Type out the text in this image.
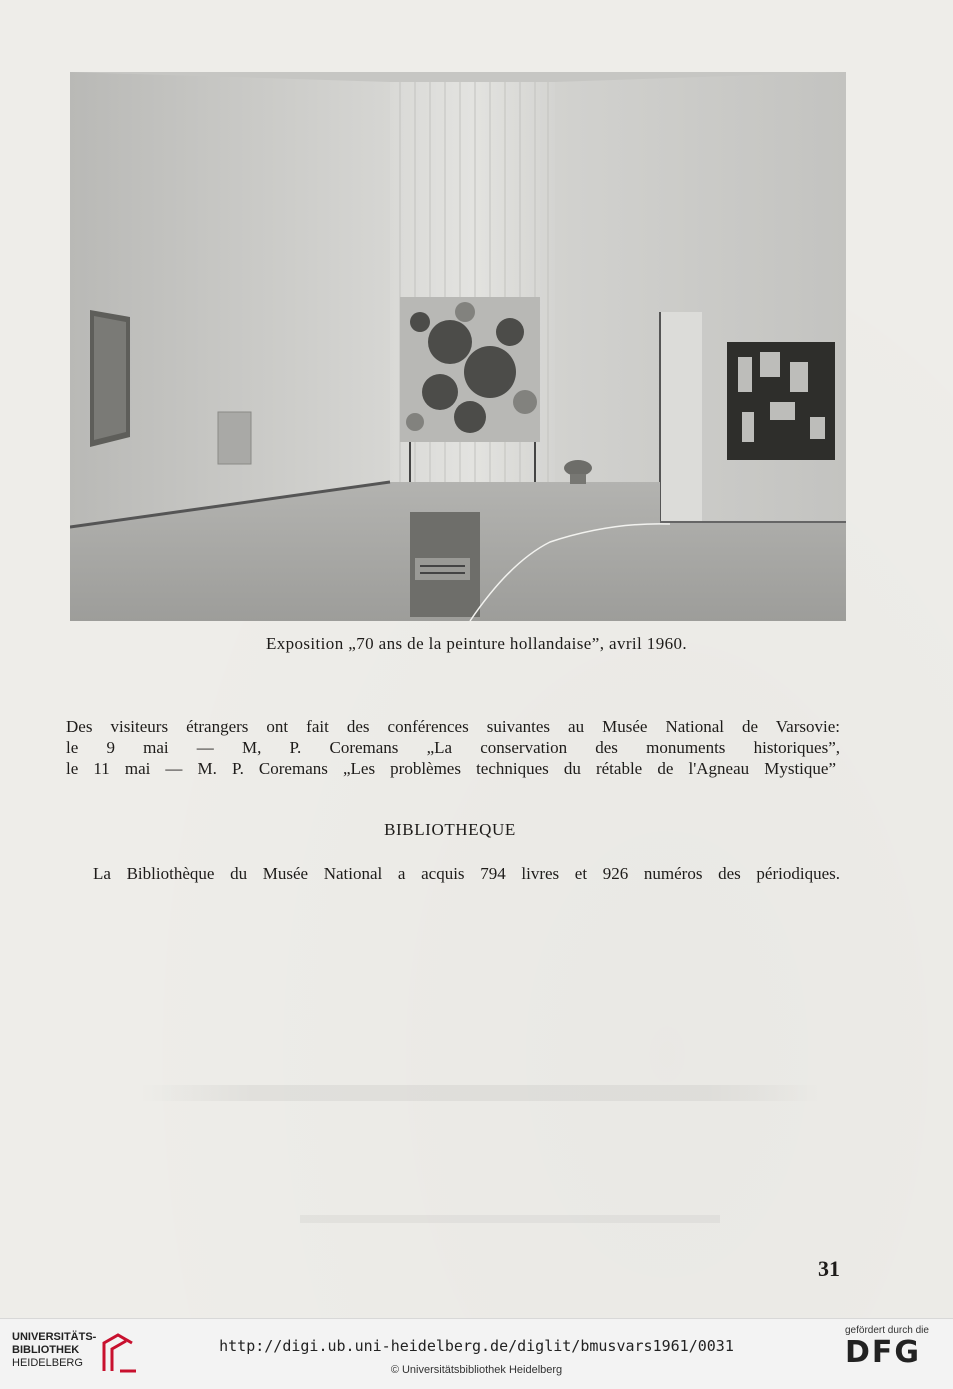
Exposition „70 ans de la peinture hollandaise”, avril 1960.
Des visiteurs étrangers ont fait des conférences suivantes au Musée National de Varsovie:
le 9 mai — M, P. Coremans „La conservation des monuments historiques”,
le 11 mai — M. P. Coremans „Les problèmes techniques du rétable de l'Agneau Mystique”
BIBLIOTHEQUE
La Bibliothèque du Musée National a acquis 794 livres et 926 numéros des périodiques.
31
UNIVERSITÄTS-
BIBLIOTHEK
HEIDELBERG
http://digi.ub.uni-heidelberg.de/diglit/bmusvars1961/0031
© Universitätsbibliothek Heidelberg
gefördert durch die
DFG
